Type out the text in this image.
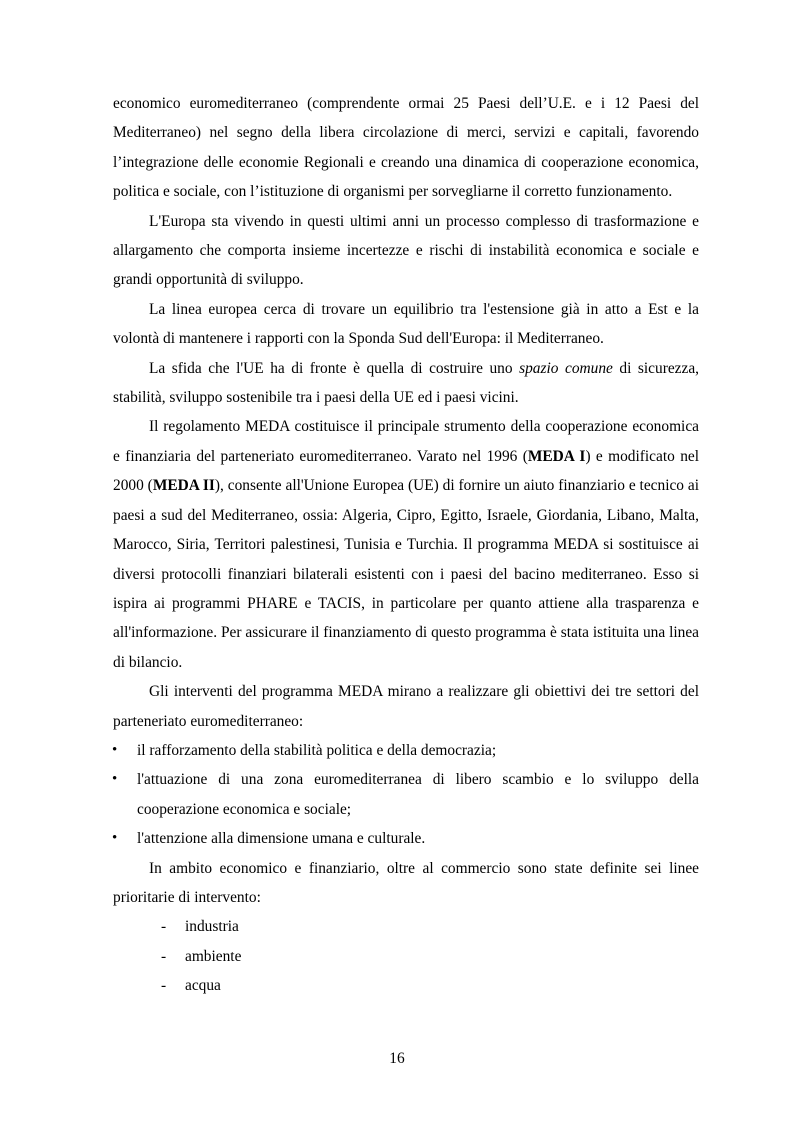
economico euromediterraneo (comprendente ormai 25 Paesi dell’U.E. e i 12 Paesi del Mediterraneo) nel segno della libera circolazione di merci, servizi e capitali, favorendo l’integrazione delle economie Regionali e creando una dinamica di cooperazione economica, politica e sociale, con l’istituzione di organismi per sorvegliarne il corretto funzionamento.

L'Europa sta vivendo in questi ultimi anni un processo complesso di trasformazione e allargamento che comporta insieme incertezze e rischi di instabilità economica e sociale e grandi opportunità di sviluppo.

La linea europea cerca di trovare un equilibrio tra l'estensione già in atto a Est e la volontà di mantenere i rapporti con la Sponda Sud dell'Europa: il Mediterraneo.

La sfida che l'UE ha di fronte è quella di costruire uno spazio comune di sicurezza, stabilità, sviluppo sostenibile tra i paesi della UE ed i paesi vicini.

Il regolamento MEDA costituisce il principale strumento della cooperazione economica e finanziaria del parteneriato euromediterraneo. Varato nel 1996 (MEDA I) e modificato nel 2000 (MEDA II), consente all'Unione Europea (UE) di fornire un aiuto finanziario e tecnico ai paesi a sud del Mediterraneo, ossia: Algeria, Cipro, Egitto, Israele, Giordania, Libano, Malta, Marocco, Siria, Territori palestinesi, Tunisia e Turchia. Il programma MEDA si sostituisce ai diversi protocolli finanziari bilaterali esistenti con i paesi del bacino mediterraneo. Esso si ispira ai programmi PHARE e TACIS, in particolare per quanto attiene alla trasparenza e all'informazione. Per assicurare il finanziamento di questo programma è stata istituita una linea di bilancio.

Gli interventi del programma MEDA mirano a realizzare gli obiettivi dei tre settori del parteneriato euromediterraneo:

• il rafforzamento della stabilità politica e della democrazia;
• l'attuazione di una zona euromediterranea di libero scambio e lo sviluppo della cooperazione economica e sociale;
• l'attenzione alla dimensione umana e culturale.

In ambito economico e finanziario, oltre al commercio sono state definite sei linee prioritarie di intervento:

- industria
- ambiente
- acqua
16
